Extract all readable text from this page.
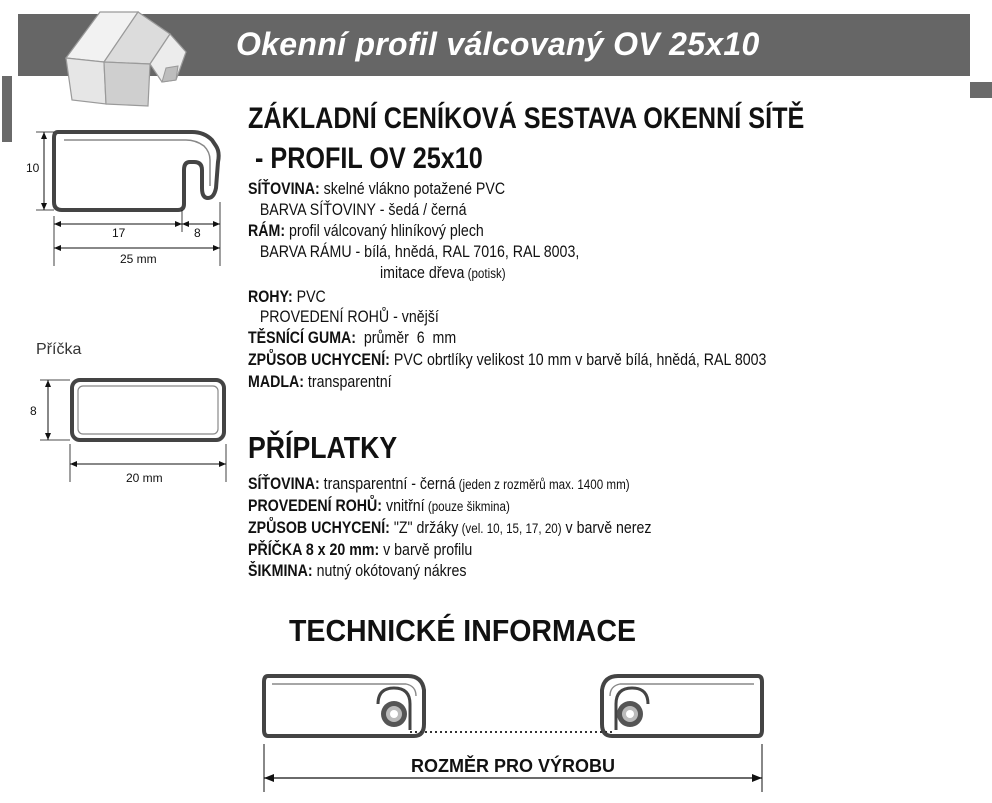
Okenní profil válcovaný OV 25x10
10
17	8
25 mm
Příčka
8
20 mm
ZÁKLADNÍ CENÍKOVÁ SESTAVA OKENNÍ SÍTĚ
- PROFIL OV 25x10
SÍŤOVINA: skelné vlákno potažené PVC
BARVA SÍŤOVINY - šedá / černá
RÁM: profil válcovaný hliníkový plech
BARVA RÁMU - bílá, hnědá, RAL 7016, RAL 8003,
imitace dřeva (potisk)
ROHY: PVC
PROVEDENÍ ROHŮ - vnější
TĚSNÍCÍ GUMA:  průměr  6  mm
ZPŮSOB UCHYCENÍ: PVC obrtlíky velikost 10 mm v barvě bílá, hnědá, RAL 8003
MADLA: transparentní
PŘÍPLATKY
SÍŤOVINA: transparentní - černá (jeden z rozměrů max. 1400 mm)
PROVEDENÍ ROHŮ: vnitřní (pouze šikmina)
ZPŮSOB UCHYCENÍ: "Z" držáky (vel. 10, 15, 17, 20) v barvě nerez
PŘÍČKA 8 x 20 mm: v barvě profilu
ŠIKMINA: nutný okótovaný nákres
TECHNICKÉ INFORMACE
ROZMĚR PRO VÝROBU
